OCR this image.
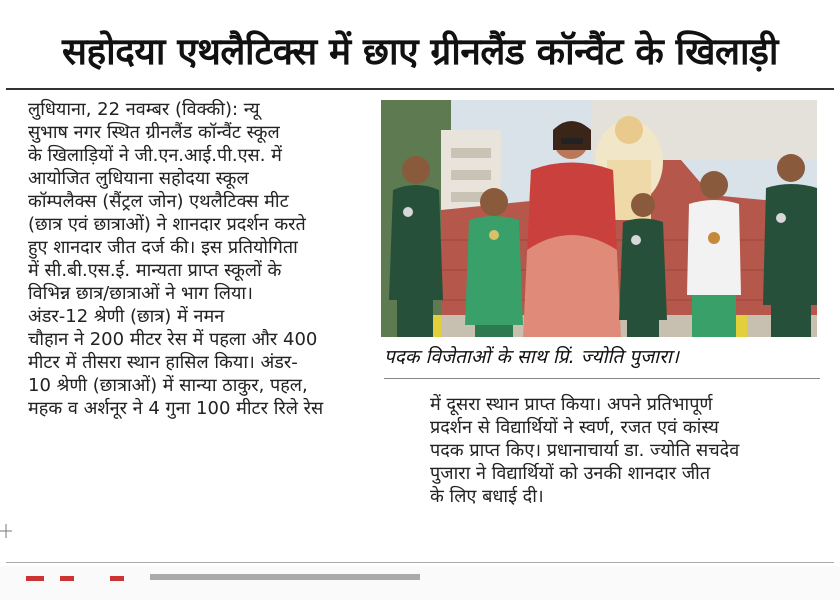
सहोदया एथलैटिक्स में छाए ग्रीनलैंड कॉन्वैंट के खिलाड़ी
लुधियाना, 22 नवम्बर (विक्की): न्यू
सुभाष नगर स्थित ग्रीनलैंड कॉन्वैंट स्कूल
के खिलाड़ियों ने जी.एन.आई.पी.एस. में
आयोजित लुधियाना सहोदया स्कूल
कॉम्पलैक्स (सैंट्रल जोन) एथलैटिक्स मीट
(छात्र एवं छात्राओं) ने शानदार प्रदर्शन करते
हुए शानदार जीत दर्ज की। इस प्रतियोगिता
में सी.बी.एस.ई. मान्यता प्राप्त स्कूलों के
विभिन्न छात्र/छात्राओं ने भाग लिया।
अंडर-12 श्रेणी (छात्र) में नमन
चौहान ने 200 मीटर रेस में पहला और 400
मीटर में तीसरा स्थान हासिल किया। अंडर-
10 श्रेणी (छात्राओं) में सान्या ठाकुर, पहल,
महक व अर्शनूर ने 4 गुना 100 मीटर रिले रेस
पदक विजेताओं के साथ प्रिं. ज्योति पुजारा।
में दूसरा स्थान प्राप्त किया। अपने प्रतिभापूर्ण
प्रदर्शन से विद्यार्थियों ने स्वर्ण, रजत एवं कांस्य
पदक प्राप्त किए। प्रधानाचार्या डा. ज्योति सचदेव
पुजारा ने विद्यार्थियों को उनकी शानदार जीत
के लिए बधाई दी।
